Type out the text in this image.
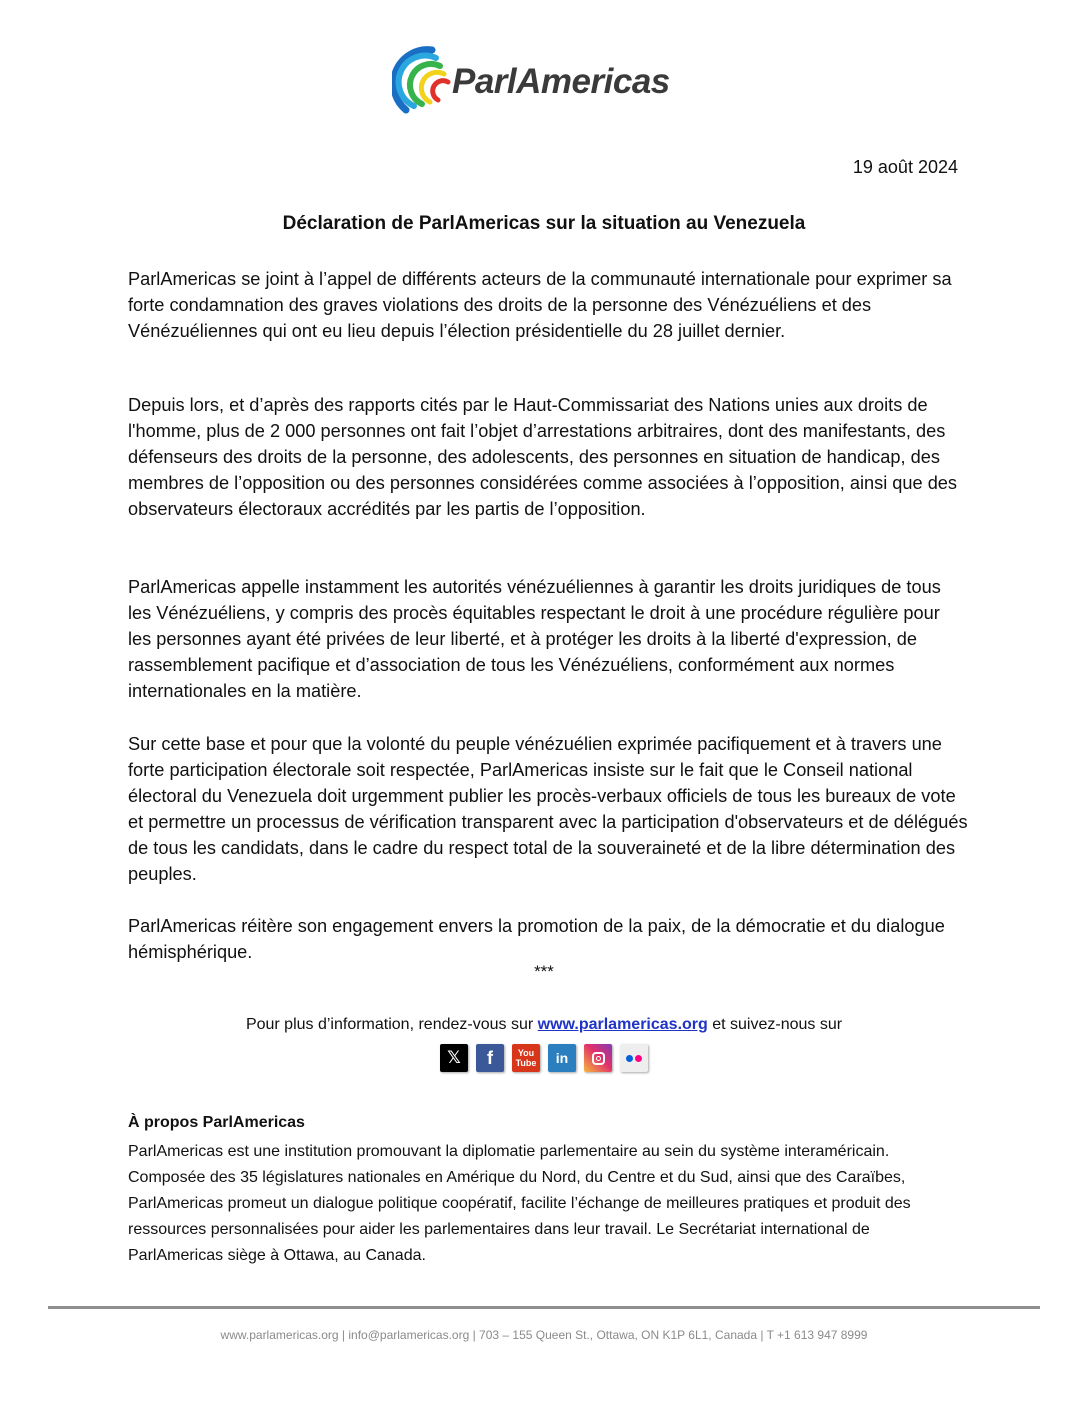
ParlAmericas
19 août 2024
Déclaration de ParlAmericas sur la situation au Venezuela

ParlAmericas se joint à l’appel de différents acteurs de la communauté internationale pour exprimer sa forte condamnation des graves violations des droits de la personne des Vénézuéliens et des Vénézuéliennes qui ont eu lieu depuis l’élection présidentielle du 28 juillet dernier.

Depuis lors, et d’après des rapports cités par le Haut-Commissariat des Nations unies aux droits de l'homme, plus de 2 000 personnes ont fait l’objet d’arrestations arbitraires, dont des manifestants, des défenseurs des droits de la personne, des adolescents, des personnes en situation de handicap, des membres de l’opposition ou des personnes considérées comme associées à l’opposition, ainsi que des observateurs électoraux accrédités par les partis de l’opposition.

ParlAmericas appelle instamment les autorités vénézuéliennes à garantir les droits juridiques de tous les Vénézuéliens, y compris des procès équitables respectant le droit à une procédure régulière pour les personnes ayant été privées de leur liberté, et à protéger les droits à la liberté d'expression, de rassemblement pacifique et d’association de tous les Vénézuéliens, conformément aux normes internationales en la matière.

Sur cette base et pour que la volonté du peuple vénézuélien exprimée pacifiquement et à travers une forte participation électorale soit respectée, ParlAmericas insiste sur le fait que le Conseil national électoral du Venezuela doit urgemment publier les procès-verbaux officiels de tous les bureaux de vote et permettre un processus de vérification transparent avec la participation d'observateurs et de délégués de tous les candidats, dans le cadre du respect total de la souveraineté et de la libre détermination des peuples.

ParlAmericas réitère son engagement envers la promotion de la paix, de la démocratie et du dialogue hémisphérique.

***
Pour plus d’information, rendez-vous sur www.parlamericas.org et suivez-nous sur
𝕏 f	You
Tube in
À propos ParlAmericas

ParlAmericas est une institution promouvant la diplomatie parlementaire au sein du système interaméricain. Composée des 35 législatures nationales en Amérique du Nord, du Centre et du Sud, ainsi que des Caraïbes, ParlAmericas promeut un dialogue politique coopératif, facilite l’échange de meilleures pratiques et produit des ressources personnalisées pour aider les parlementaires dans leur travail. Le Secrétariat international de ParlAmericas siège à Ottawa, au Canada.

www.parlamericas.org | info@parlamericas.org | 703 – 155 Queen St., Ottawa, ON K1P 6L1, Canada | T +1 613 947 8999
